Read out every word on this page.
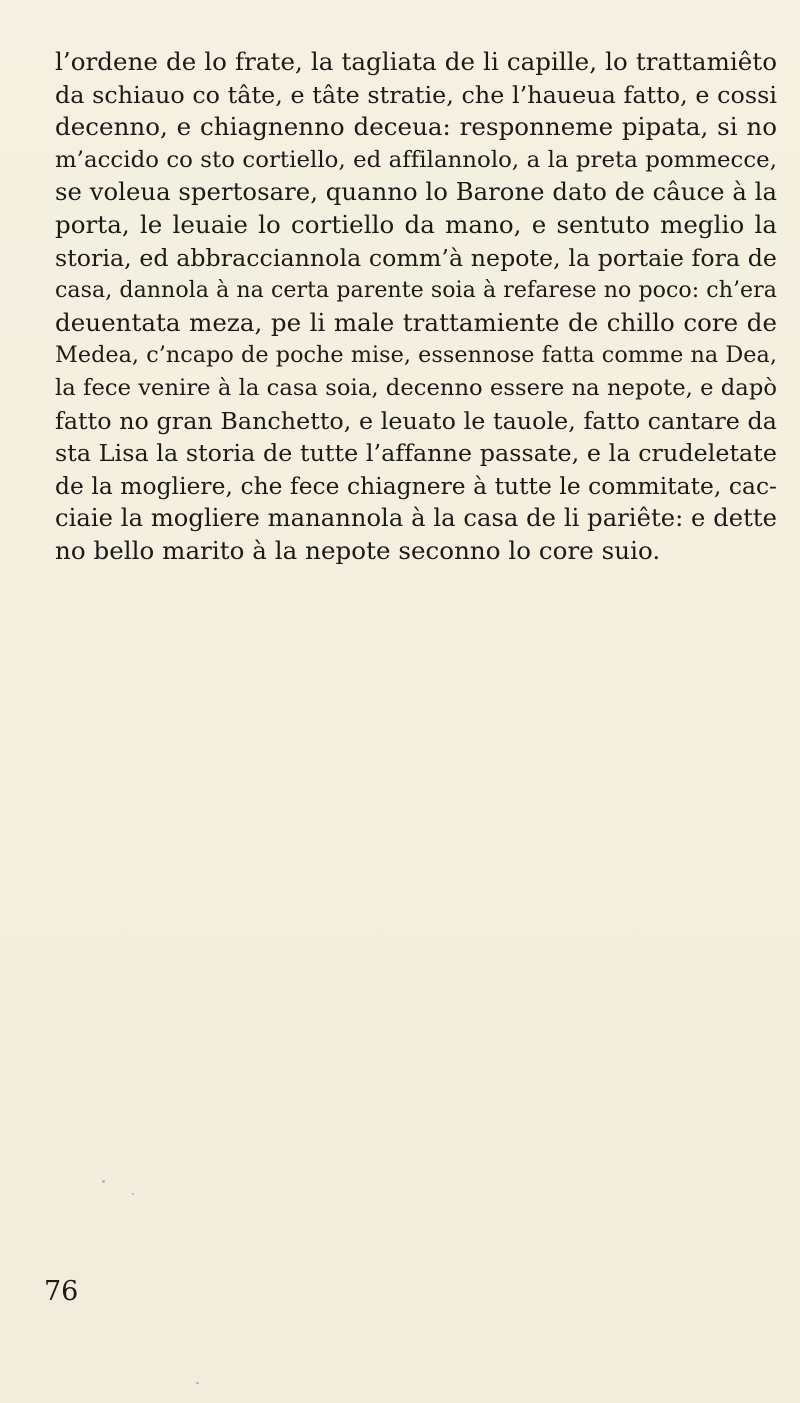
l’ordene de lo frate, la tagliata de li capille, lo trattamiêto
da schiauo co tâte, e tâte stratie, che l’haueua fatto, e cossi
decenno, e chiagnenno deceua: responneme pipata, si no
m’accido co sto cortiello, ed affilannolo, a la preta pommecce,
se voleua spertosare, quanno lo Barone dato de câuce à la
porta, le leuaie lo cortiello da mano, e sentuto meglio la
storia, ed abbracciannola comm’à nepote, la portaie fora de
casa, dannola à na certa parente soia à refarese no poco: ch’era
deuentata meza, pe li male trattamiente de chillo core de
Medea, c’ncapo de poche mise, essennose fatta comme na Dea,
la fece venire à la casa soia, decenno essere na nepote, e dapò
fatto no gran Banchetto, e leuato le tauole, fatto cantare da
sta Lisa la storia de tutte l’affanne passate, e la crudeletate
de la mogliere, che fece chiagnere à tutte le commitate, cac-
ciaie la mogliere manannola à la casa de li pariête: e dette
no bello marito à la nepote seconno lo core suio.
76
